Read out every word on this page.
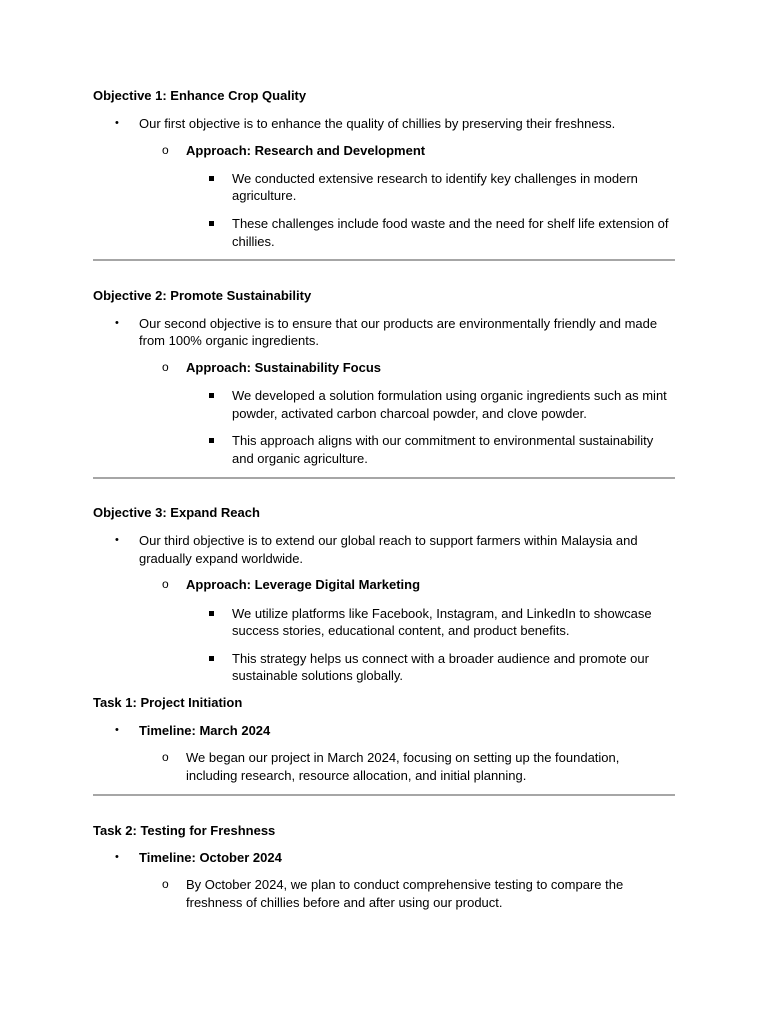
Objective 1: Enhance Crop Quality
• Our first objective is to enhance the quality of chillies by preserving their freshness.
o Approach: Research and Development
We conducted extensive research to identify key challenges in modern
agriculture.
These challenges include food waste and the need for shelf life extension of
chillies.
Objective 2: Promote Sustainability
• Our second objective is to ensure that our products are environmentally friendly and made
from 100% organic ingredients.
o Approach: Sustainability Focus
We developed a solution formulation using organic ingredients such as mint
powder, activated carbon charcoal powder, and clove powder.
This approach aligns with our commitment to environmental sustainability
and organic agriculture.
Objective 3: Expand Reach
• Our third objective is to extend our global reach to support farmers within Malaysia and
gradually expand worldwide.
o Approach: Leverage Digital Marketing
We utilize platforms like Facebook, Instagram, and LinkedIn to showcase
success stories, educational content, and product benefits.
This strategy helps us connect with a broader audience and promote our
sustainable solutions globally.
Task 1: Project Initiation
• Timeline: March 2024
o We began our project in March 2024, focusing on setting up the foundation,
including research, resource allocation, and initial planning.
Task 2: Testing for Freshness
• Timeline: October 2024
o By October 2024, we plan to conduct comprehensive testing to compare the
freshness of chillies before and after using our product.
